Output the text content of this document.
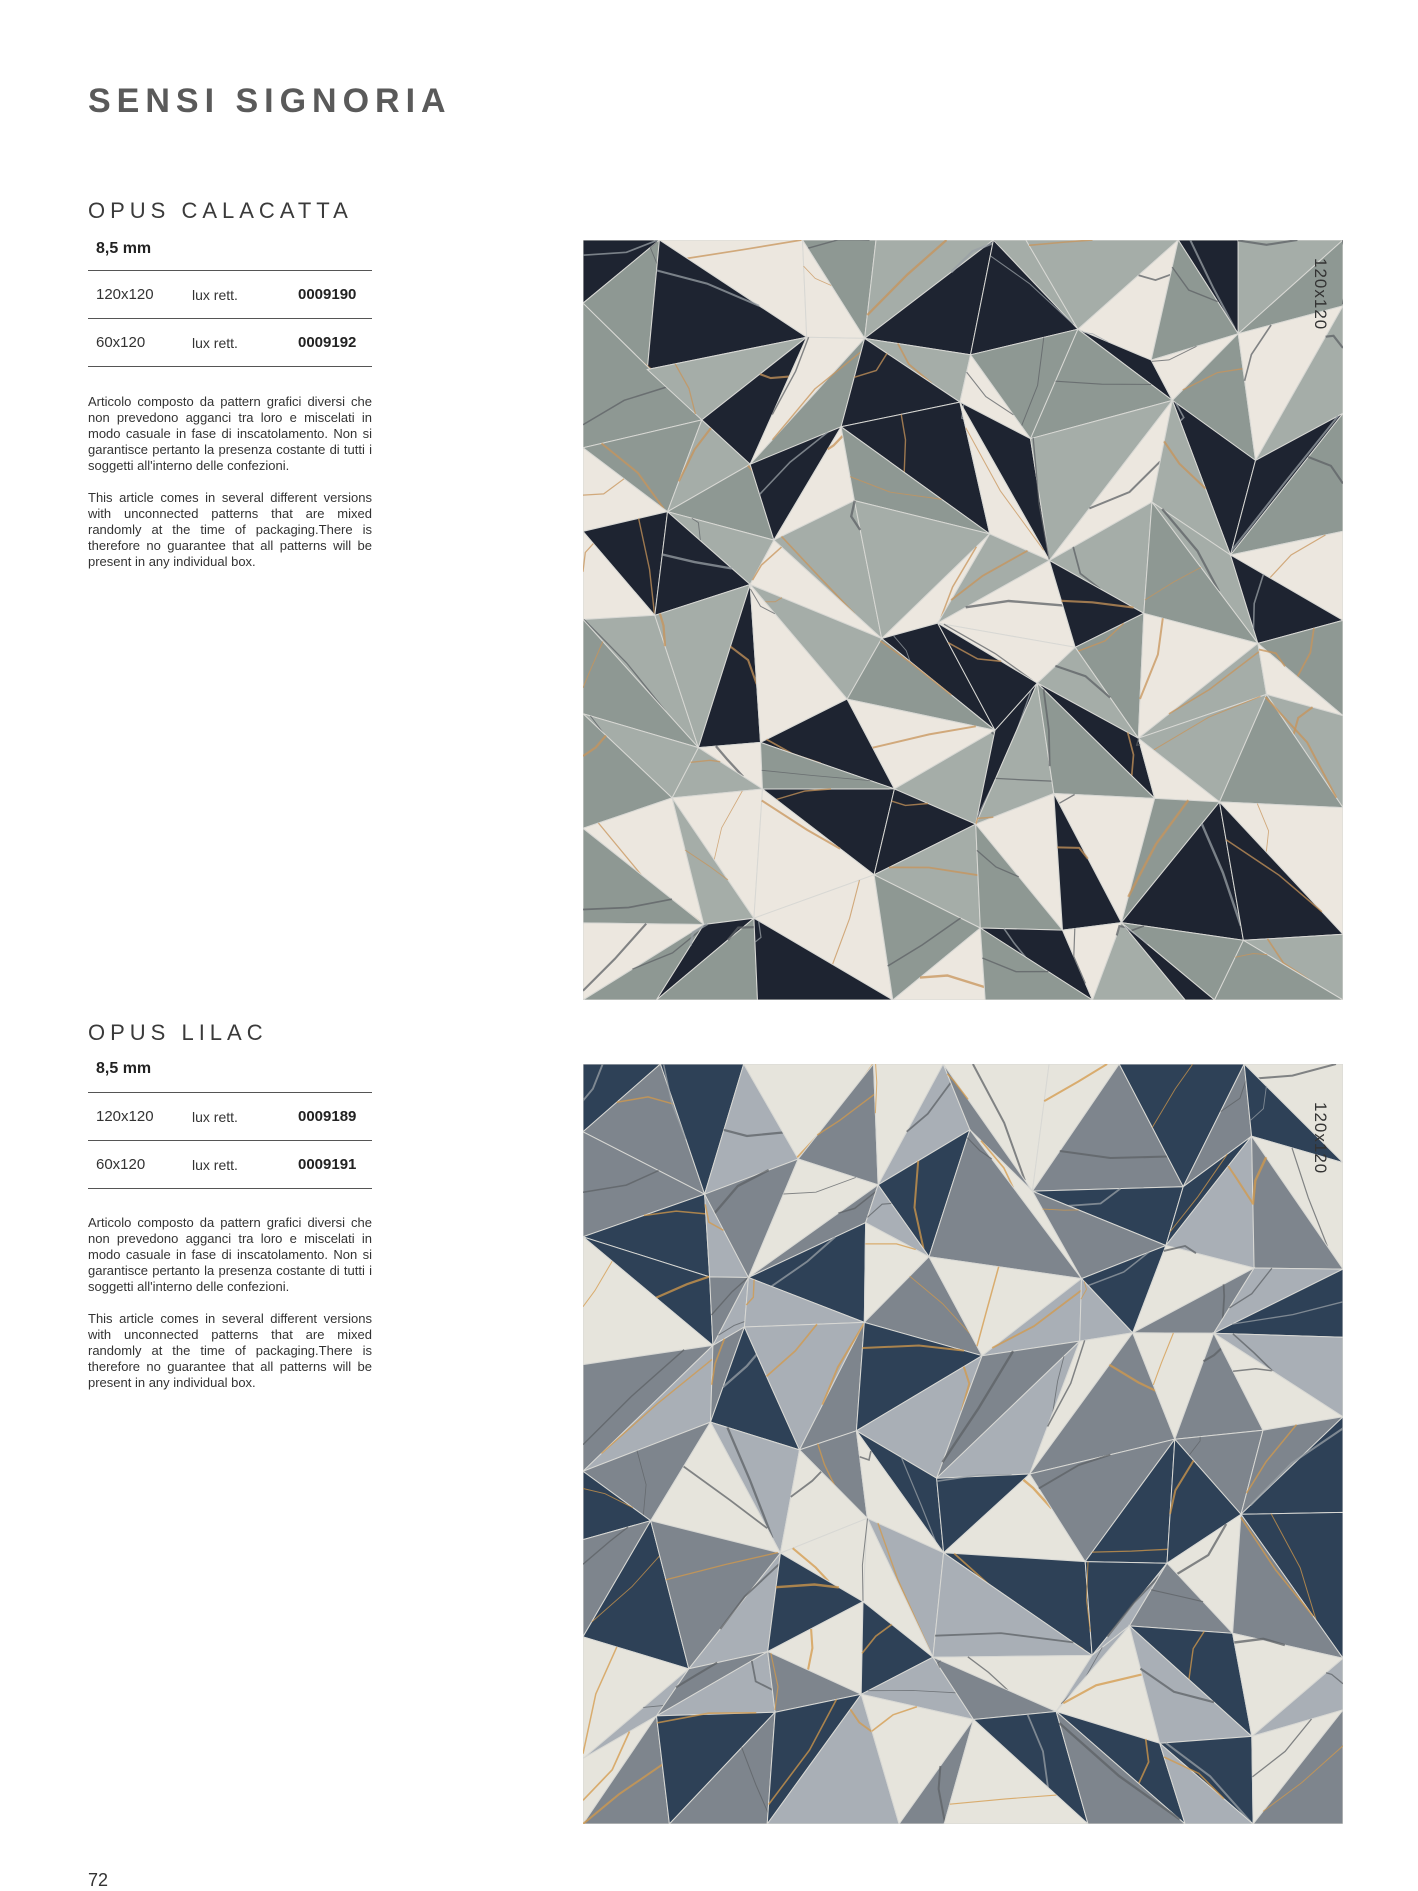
SENSI SIGNORIA
OPUS CALACATTA
8,5 mm
120x120	lux rett.	0009190
60x120	lux rett.	0009192

Articolo composto da pattern grafici diversi che non prevedono agganci tra loro e miscelati in modo casuale in fase di inscatolamento. Non si garantisce pertanto la presenza costante di tutti i soggetti all'interno delle confezioni.

This article comes in several different versions with unconnected patterns that are mixed randomly at the time of packaging.There is therefore no guarantee that all patterns will be present in any individual box.

120x120
OPUS LILAC
8,5 mm
120x120	lux rett.	0009189
60x120	lux rett.	0009191

Articolo composto da pattern grafici diversi che non prevedono agganci tra loro e miscelati in modo casuale in fase di inscatolamento. Non si garantisce pertanto la presenza costante di tutti i soggetti all'interno delle confezioni.

This article comes in several different versions with unconnected patterns that are mixed randomly at the time of packaging.There is therefore no guarantee that all patterns will be present in any individual box.

120x120
72
